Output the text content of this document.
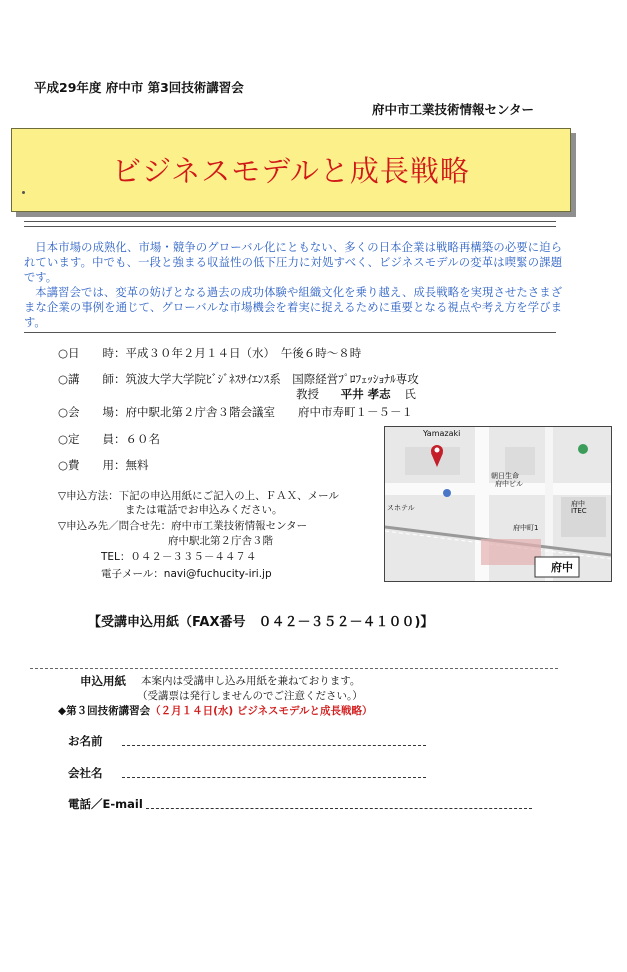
平成29年度 府中市 第3回技術講習会
府中市工業技術情報センター
ビジネスモデルと成長戦略

日本市場の成熟化、市場・競争のグローバル化にともない、多くの日本企業は戦略再構築の必要に迫られています。中でも、一段と強まる収益性の低下圧力に対処すべく、ビジネスモデルの変革は喫緊の課題です。

本講習会では、変革の妨げとなる過去の成功体験や組織文化を乗り越え、成長戦略を実現させたさまざまな企業の事例を通じて、グローバルな市場機会を着実に捉えるために重要となる視点や考え方を学びます。

○日　　時：平成３０年２月１４日（水）　午後６時～８時
○講　　師：筑波大学大学院ﾋﾞｼﾞﾈｽｻｲｴﾝｽ系　国際経営ﾌﾟﾛﾌｪｯｼｮﾅﾙ専攻
教授 平井 孝志 氏
○会　　場：府中駅北第２庁舎３階会議室　　府中市寿町１－５－１
○定　　員：６０名
○費　　用：無料
▽申込方法：下記の申込用紙にご記入の上、ＦＡＸ、メール
または電話でお申込みください。
▽申込み先／問合せ先：府中市工業技術情報センター
府中駅北第２庁舎３階
TEL：０４２－３３５－４４７４
電子メール：navi@fuchucity-iri.jp
Yamazaki
朝日生命
府中ビル
スホテル
府中町1
府中
府中
ITEC
【受講申込用紙（FAX番号　０４２－３５２－４１００)】
申込用紙 本案内は受講申し込み用紙を兼ねております。
（受講票は発行しませんのでご注意ください。）
◆第３回技術講習会（２月１４日(水) ビジネスモデルと成長戦略）
お名前
会社名
電話／E-mail
